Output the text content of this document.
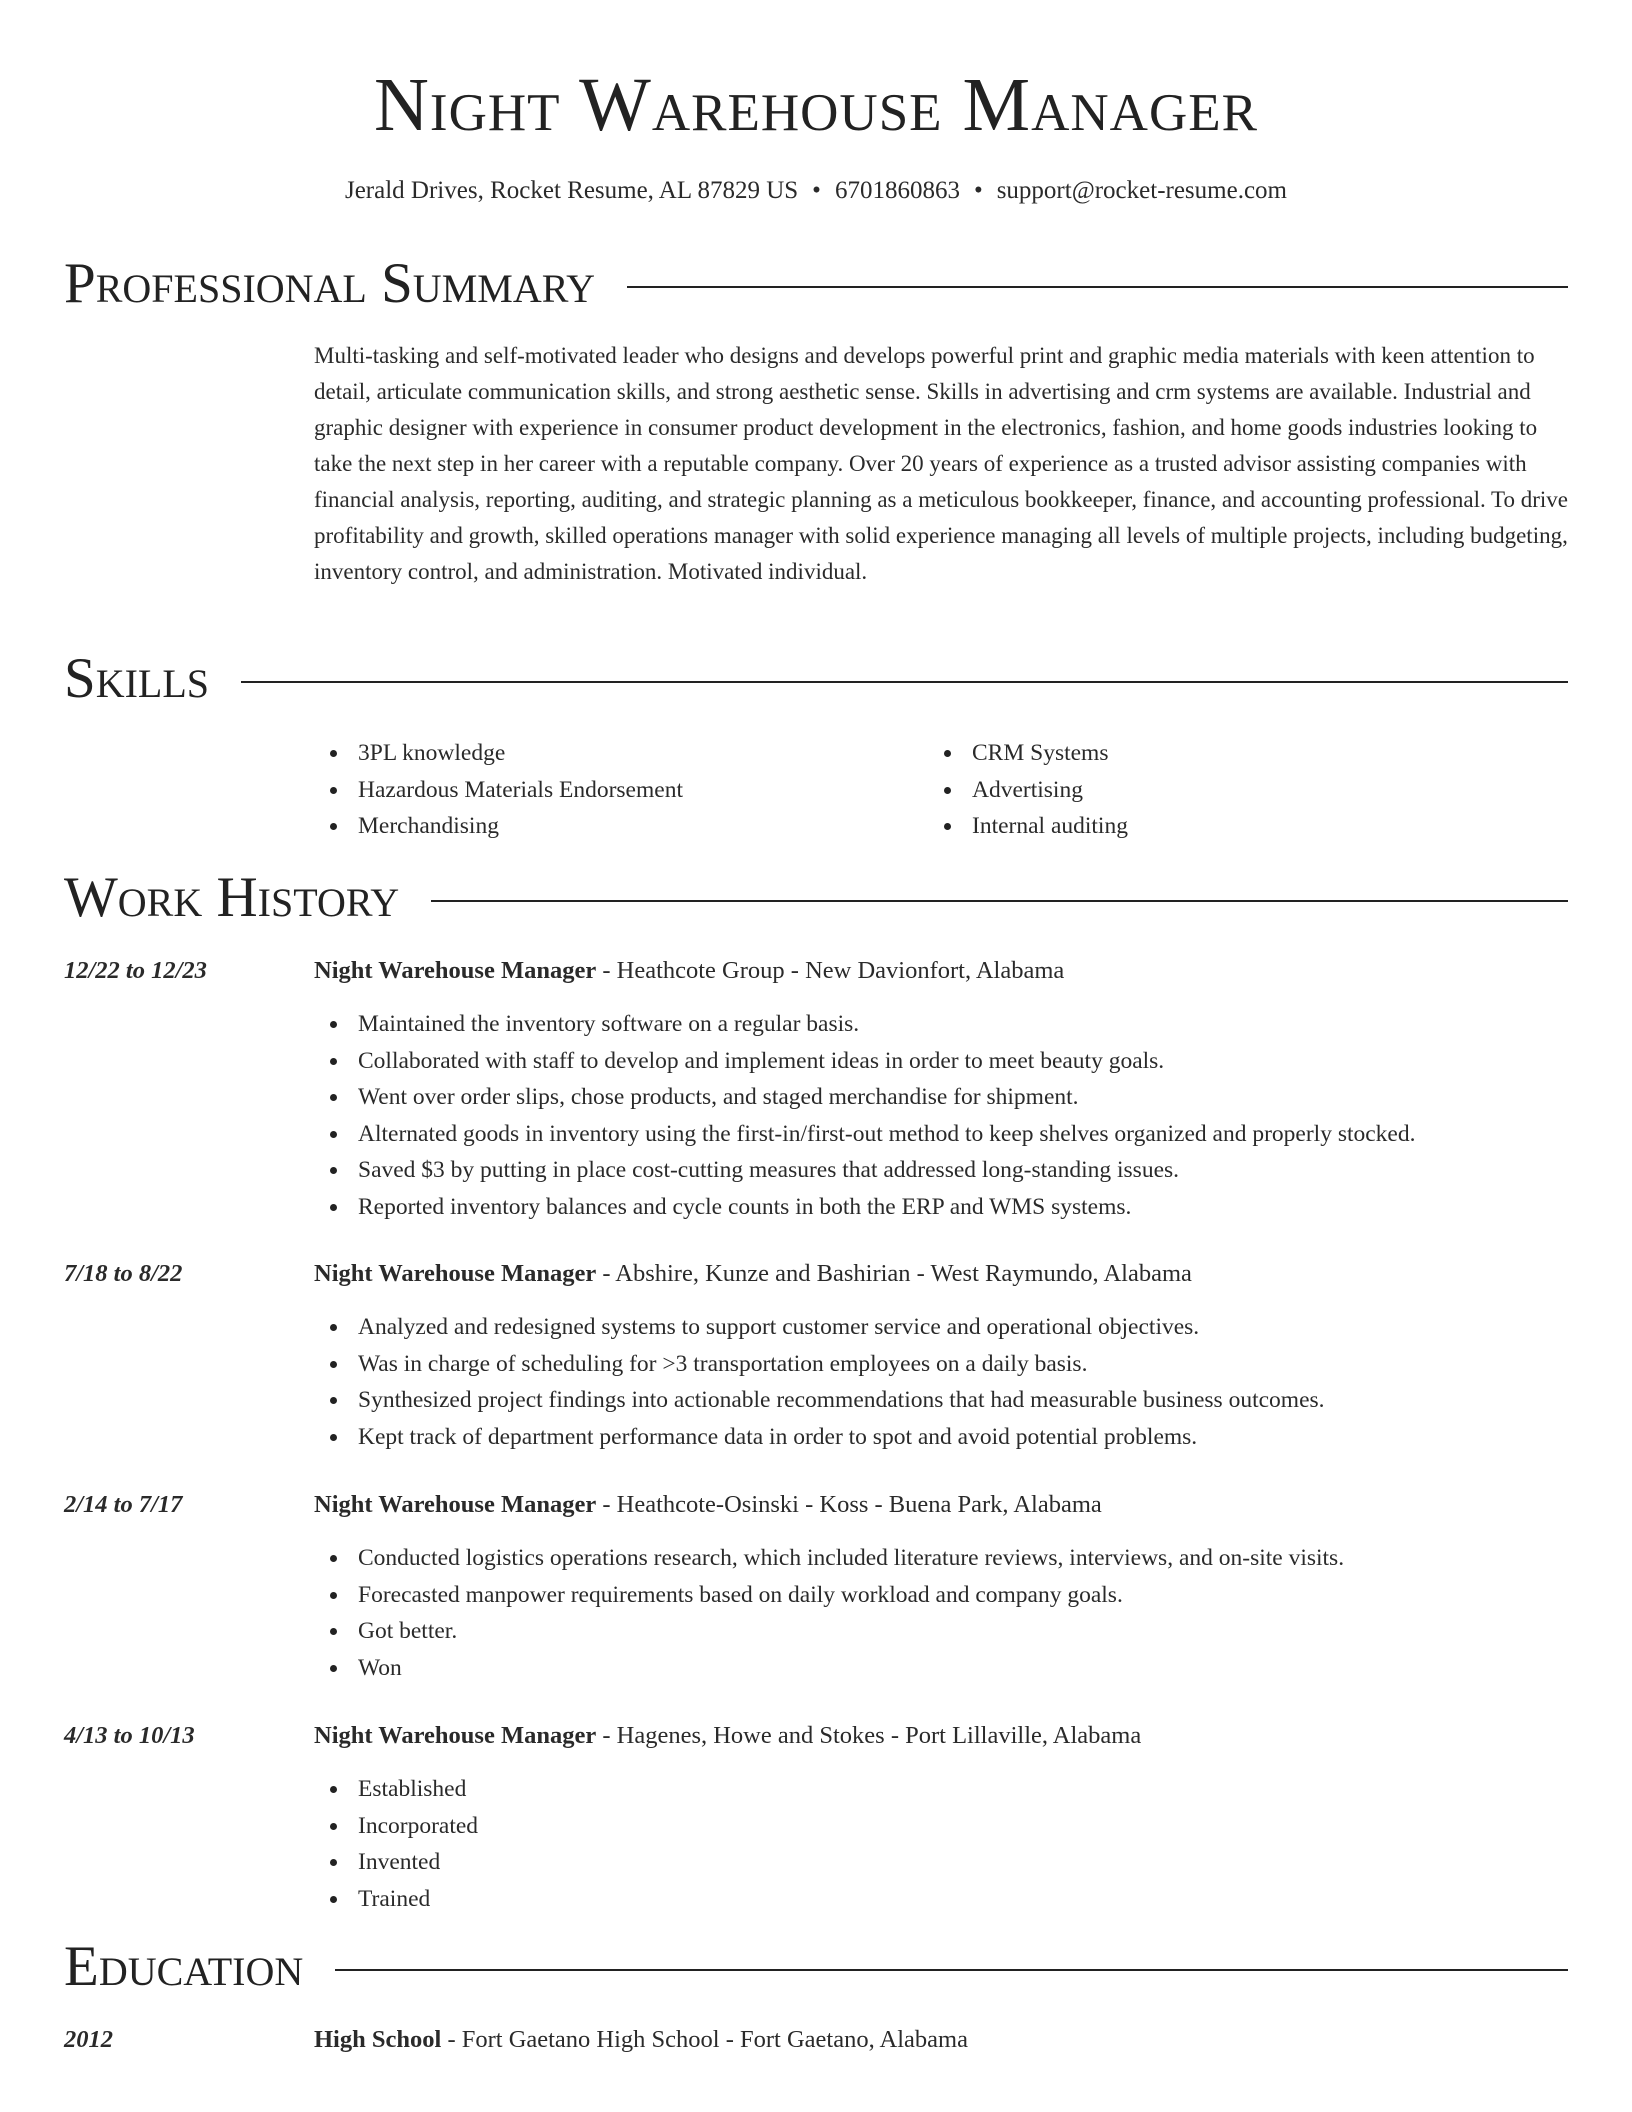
Night Warehouse Manager
Jerald Drives, Rocket Resume, AL 87829 US • 6701860863 • support@rocket-resume.com
Professional Summary

Multi-tasking and self-motivated leader who designs and develops powerful print and graphic media materials with keen attention to detail, articulate communication skills, and strong aesthetic sense. Skills in advertising and crm systems are available. Industrial and graphic designer with experience in consumer product development in the electronics, fashion, and home goods industries looking to take the next step in her career with a reputable company. Over 20 years of experience as a trusted advisor assisting companies with financial analysis, reporting, auditing, and strategic planning as a meticulous bookkeeper, finance, and accounting professional. To drive profitability and growth, skilled operations manager with solid experience managing all levels of multiple projects, including budgeting, inventory control, and administration. Motivated individual.

Skills
3PL knowledge
Hazardous Materials Endorsement
Merchandising
CRM Systems
Advertising
Internal auditing
Work History
12/22 to 12/23	Night Warehouse Manager - Heathcote Group - New Davionfort, Alabama
Maintained the inventory software on a regular basis.
Collaborated with staff to develop and implement ideas in order to meet beauty goals.
Went over order slips, chose products, and staged merchandise for shipment.
Alternated goods in inventory using the first-in/first-out method to keep shelves organized and properly stocked.
Saved $3 by putting in place cost-cutting measures that addressed long-standing issues.
Reported inventory balances and cycle counts in both the ERP and WMS systems.
7/18 to 8/22	Night Warehouse Manager - Abshire, Kunze and Bashirian - West Raymundo, Alabama
Analyzed and redesigned systems to support customer service and operational objectives.
Was in charge of scheduling for >3 transportation employees on a daily basis.
Synthesized project findings into actionable recommendations that had measurable business outcomes.
Kept track of department performance data in order to spot and avoid potential problems.
2/14 to 7/17	Night Warehouse Manager - Heathcote-Osinski - Koss - Buena Park, Alabama
Conducted logistics operations research, which included literature reviews, interviews, and on-site visits.
Forecasted manpower requirements based on daily workload and company goals.
Got better.
Won
4/13 to 10/13	Night Warehouse Manager - Hagenes, Howe and Stokes - Port Lillaville, Alabama
Established
Incorporated
Invented
Trained
Education
2012	High School - Fort Gaetano High School - Fort Gaetano, Alabama
